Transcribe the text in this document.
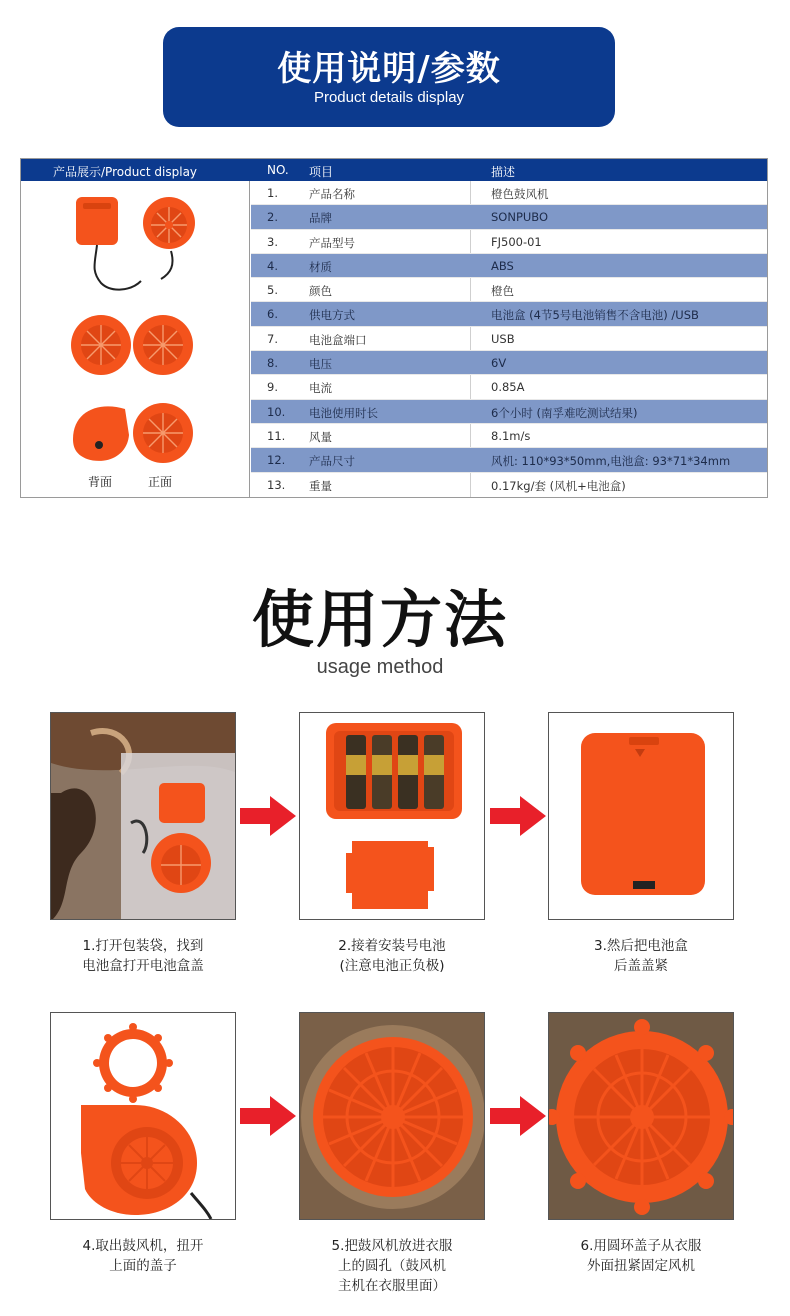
使用说明/参数
Product details display
产品展示/Product display	NO. 项目	描述
背面	正面
1.	产品名称	橙色鼓风机
2.	品牌	SONPUBO
3.	产品型号	FJ500-01
4.	材质	ABS
5.	颜色	橙色
6.	供电方式	电池盒 (4节5号电池销售不含电池) /USB
7.	电池盒端口	USB
8.	电压	6V
9.	电流	0.85A
10. 电池使用时长	6个小时 (南孚难吃测试结果)
11. 风量	8.1m/s
12. 产品尺寸	风机: 110*93*50mm,电池盒: 93*71*34mm
13. 重量	0.17kg/套 (风机+电池盒)
使用方法
usage method
1.打开包装袋，找到
电池盒打开电池盒盖
2.接着安装号电池
(注意电池正负极)
3.然后把电池盒
后盖盖紧
4.取出鼓风机，扭开
上面的盖子
5.把鼓风机放进衣服
上的圆孔（鼓风机
主机在衣服里面）
6.用圆环盖子从衣服
外面扭紧固定风机
